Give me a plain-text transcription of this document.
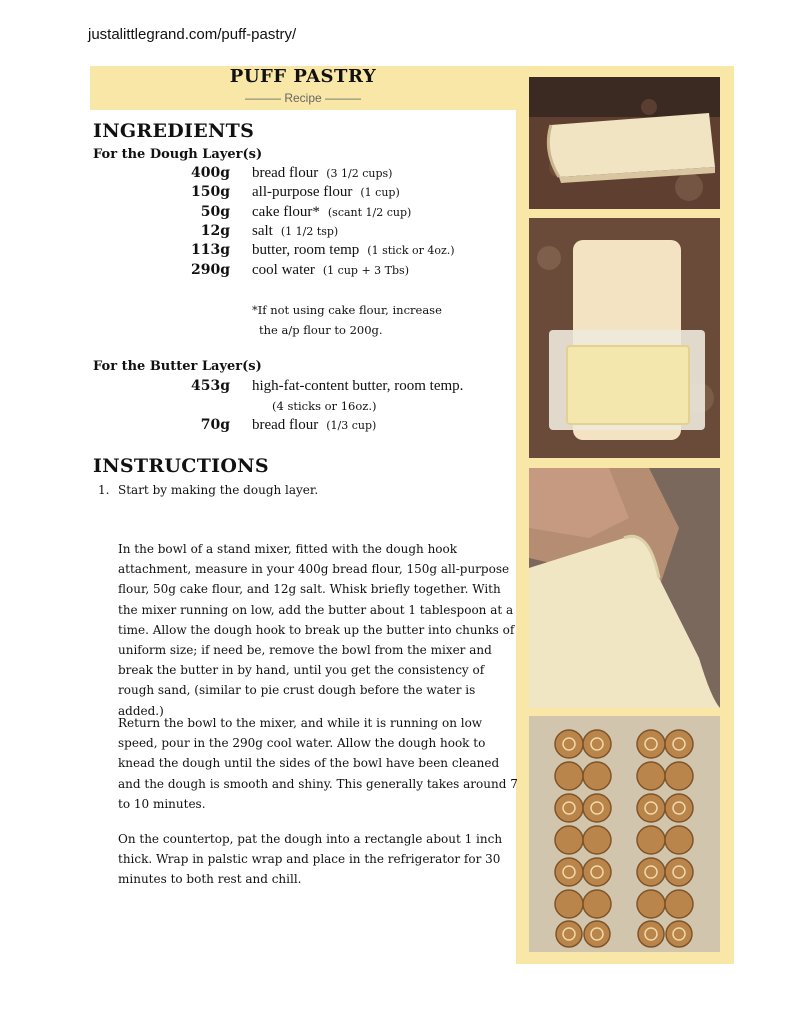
justalittlegrand.com/puff-pastry/
PUFF PASTRY
——— Recipe ———
INGREDIENTS
For the Dough Layer(s)
400g bread flour (3 1/2 cups)
150g all-purpose flour (1 cup)
50g cake flour* (scant 1/2 cup)
12g salt (1 1/2 tsp)
113g butter, room temp (1 stick or 4oz.)
290g cool water (1 cup + 3 Tbs)
*If not using cake flour, increase
the a/p flour to 200g.
For the Butter Layer(s)
453g high-fat-content butter, room temp.
(4 sticks or 16oz.)
70g bread flour (1/3 cup)
INSTRUCTIONS
1. Start by making the dough layer.
In the bowl of a stand mixer, fitted with the dough hook attachment, measure in your 400g bread flour, 150g all-purpose flour, 50g cake flour, and 12g salt. Whisk briefly together. With the mixer running on low, add the butter about 1 tablespoon at a time. Allow the dough hook to break up the butter into chunks of uniform size; if need be, remove the bowl from the mixer and break the butter in by hand, until you get the consistency of rough sand, (similar to pie crust dough before the water is added.)
Return the bowl to the mixer, and while it is running on low speed, pour in the 290g cool water. Allow the dough hook to knead the dough until the sides of the bowl have been cleaned and the dough is smooth and shiny. This generally takes around 7 to 10 minutes.
On the countertop, pat the dough into a rectangle about 1 inch thick. Wrap in palstic wrap and place in the refrigerator for 30 minutes to both rest and chill.
